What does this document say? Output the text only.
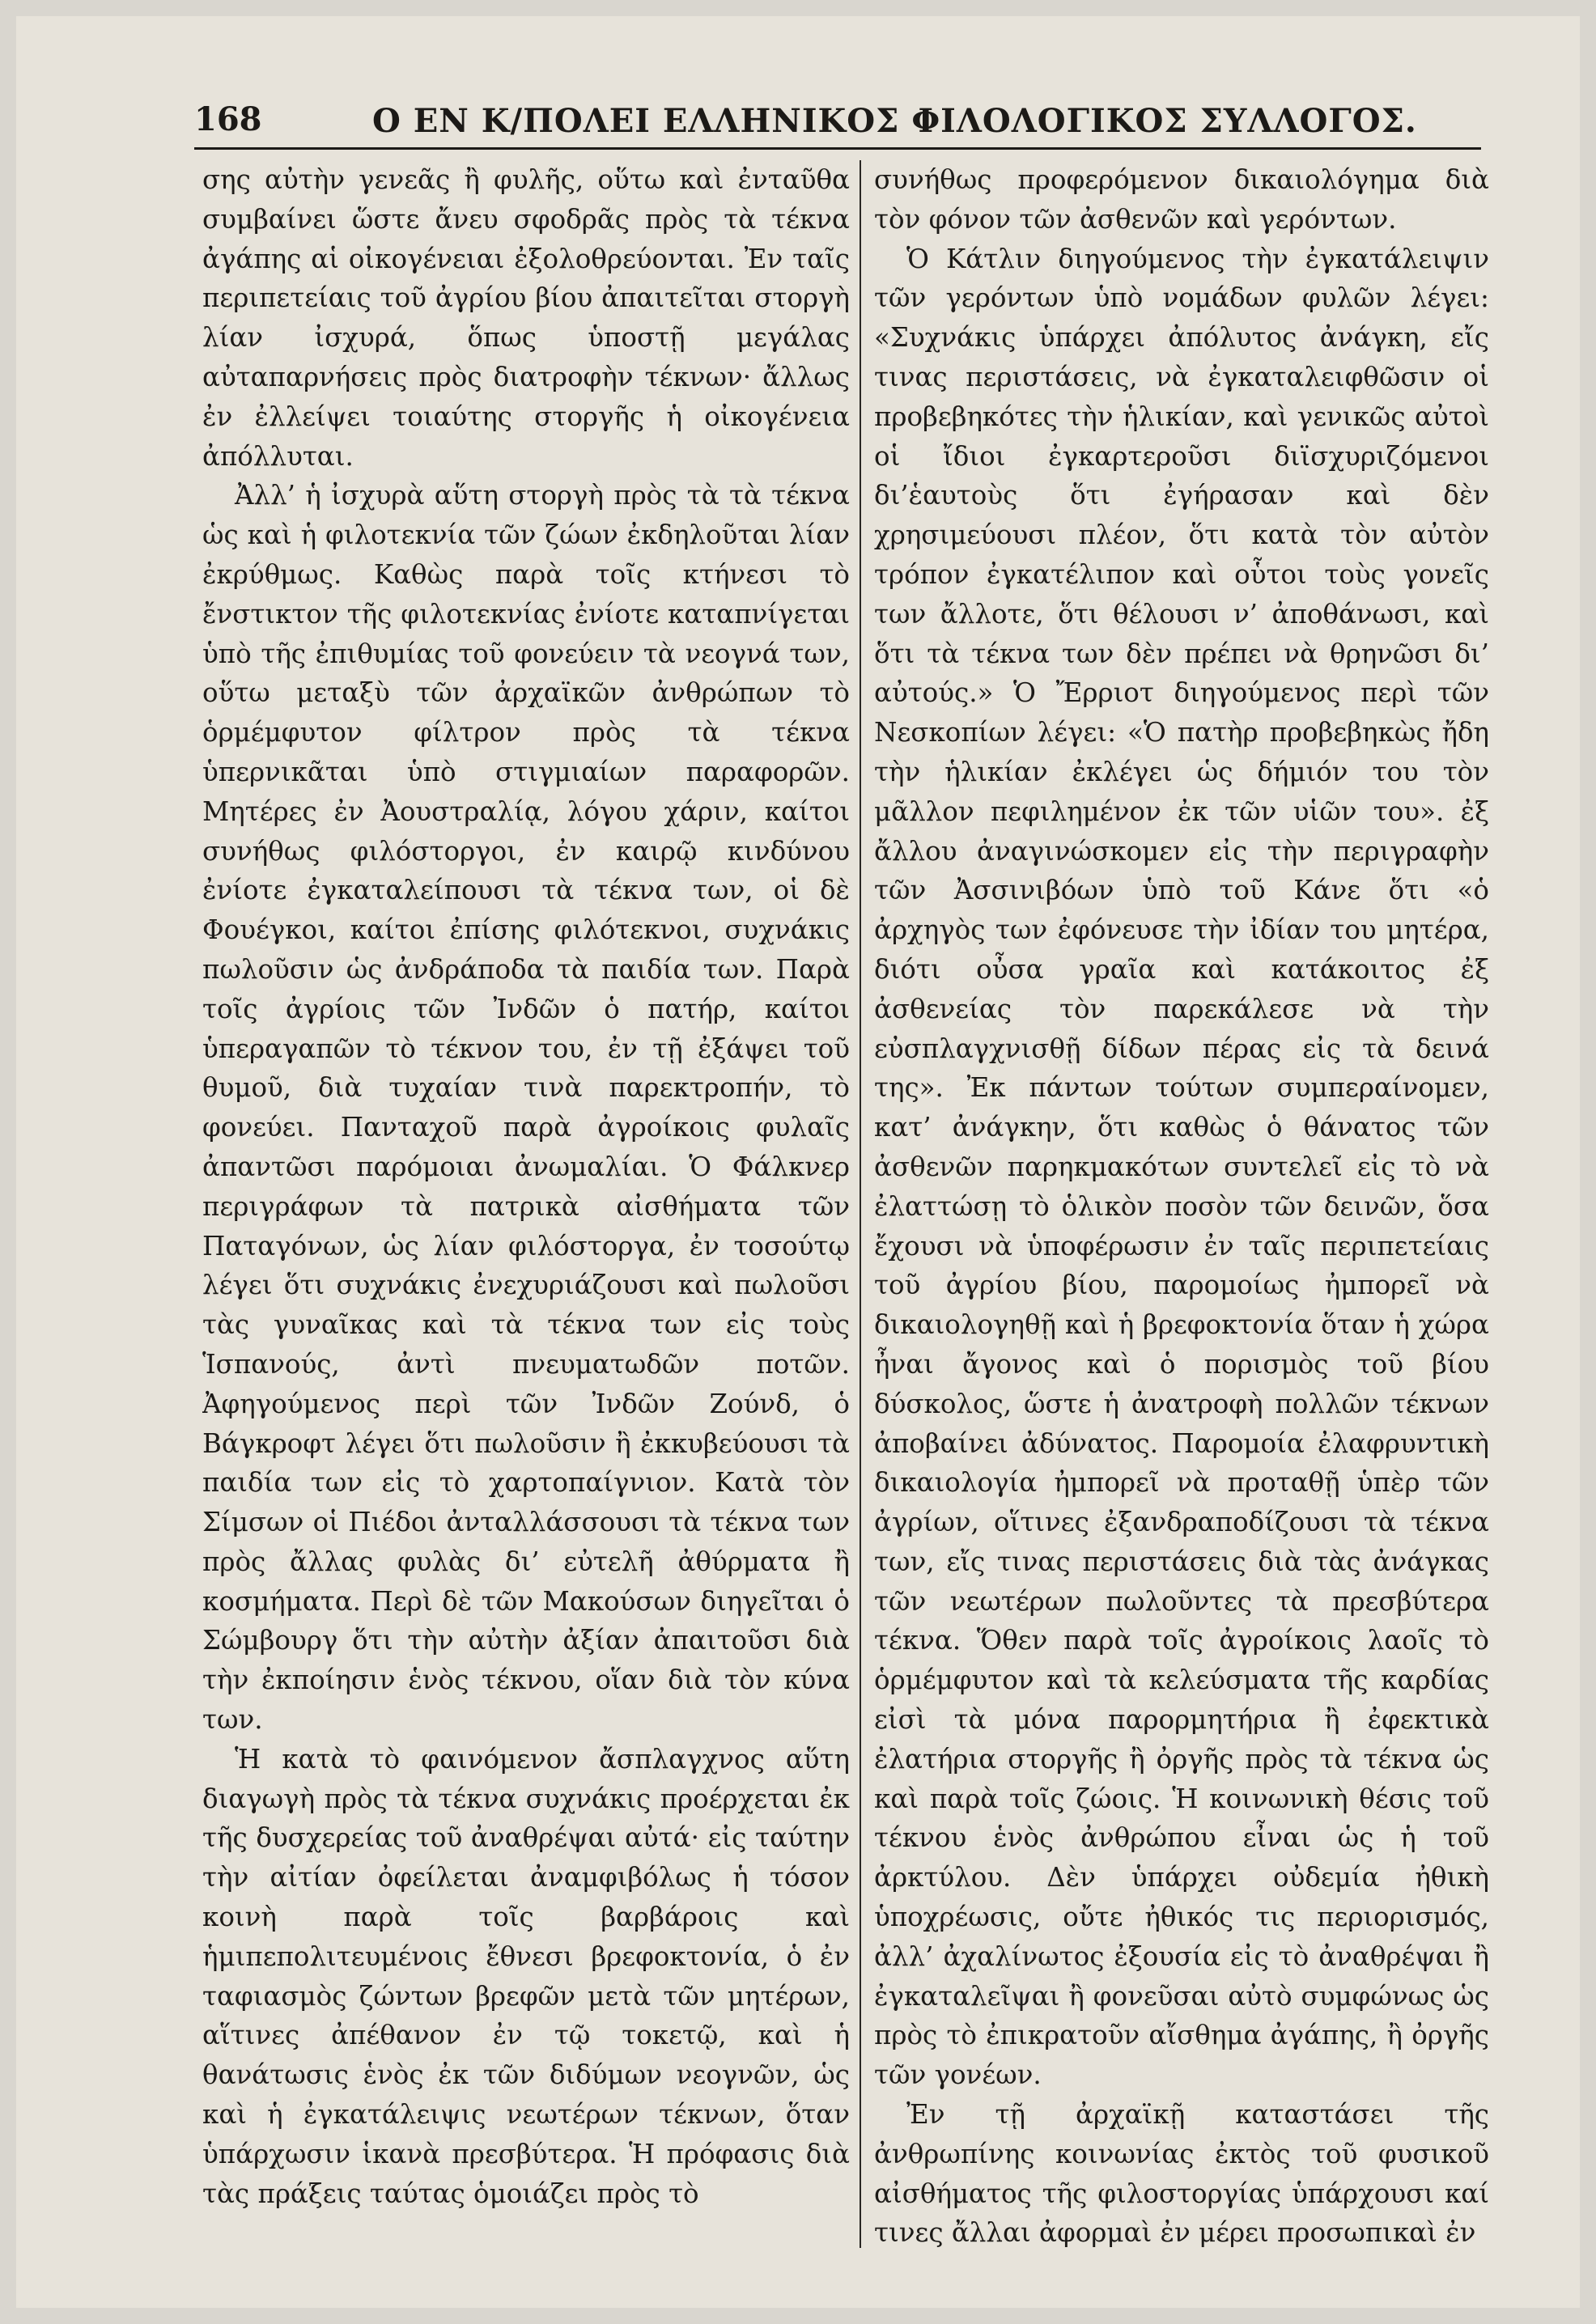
168	Ο ΕΝ Κ/ΠΟΛΕΙ ΕΛΛΗΝΙΚΟΣ ΦΙΛΟΛΟΓΙΚΟΣ ΣΥΛΛΟΓΟΣ.

σης αὐτὴν γενεᾶς ἢ φυλῆς, οὕτω καὶ ἐνταῦθα συμβαίνει ὥστε ἄνευ σφοδρᾶς πρὸς τὰ τέκνα ἀγάπης αἱ οἰκογένειαι ἐξολοθρεύονται. Ἐν ταῖς περιπετείαις τοῦ ἀγρίου βίου ἀπαιτεῖται στοργὴ λίαν ἰσχυρά, ὅπως ὑποστῇ μεγάλας αὐταπαρνήσεις πρὸς διατροφὴν τέκνων· ἄλλως ἐν ἐλλείψει τοιαύτης στοργῆς ἡ οἰκογένεια ἀπόλλυται.

Ἀλλ’ ἡ ἰσχυρὰ αὕτη στοργὴ πρὸς τὰ τὰ τέκνα ὡς καὶ ἡ φιλοτεκνία τῶν ζώων ἐκδηλοῦται λίαν ἐκρύθμως. Καθὼς παρὰ τοῖς κτήνεσι τὸ ἔνστικτον τῆς φιλοτεκνίας ἐνίοτε καταπνίγεται ὑπὸ τῆς ἐπιθυμίας τοῦ φονεύειν τὰ νεογνά των, οὕτω μεταξὺ τῶν ἀρχαϊκῶν ἀνθρώπων τὸ ὁρμέμφυτον φίλτρον πρὸς τὰ τέκνα ὑπερνικᾶται ὑπὸ στιγμιαίων παραφορῶν. Μητέρες ἐν Ἀουστραλίᾳ, λόγου χάριν, καίτοι συνήθως φιλόστοργοι, ἐν καιρῷ κινδύνου ἐνίοτε ἐγκαταλείπουσι τὰ τέκνα των, οἱ δὲ Φουέγκοι, καίτοι ἐπίσης φιλότεκνοι, συχνάκις πωλοῦσιν ὡς ἀνδράποδα τὰ παιδία των. Παρὰ τοῖς ἀγρίοις τῶν Ἰνδῶν ὁ πατήρ, καίτοι ὑπεραγαπῶν τὸ τέκνον του, ἐν τῇ ἐξάψει τοῦ θυμοῦ, διὰ τυχαίαν τινὰ παρεκτροπήν, τὸ φονεύει. Πανταχοῦ παρὰ ἀγροίκοις φυλαῖς ἀπαντῶσι παρόμοιαι ἀνωμαλίαι. Ὁ Φάλκνερ περιγράφων τὰ πατρικὰ αἰσθήματα τῶν Παταγόνων, ὡς λίαν φιλόστοργα, ἐν τοσούτῳ λέγει ὅτι συχνάκις ἐνεχυριάζουσι καὶ πωλοῦσι τὰς γυναῖκας καὶ τὰ τέκνα των εἰς τοὺς Ἱσπανούς, ἀντὶ πνευματωδῶν ποτῶν. Ἀφηγούμενος περὶ τῶν Ἰνδῶν Ζούνδ, ὁ Βάγκροφτ λέγει ὅτι πωλοῦσιν ἢ ἐκκυβεύουσι τὰ παιδία των εἰς τὸ χαρτοπαίγνιον. Κατὰ τὸν Σίμσων οἱ Πιέδοι ἀνταλλάσσουσι τὰ τέκνα των πρὸς ἄλλας φυλὰς δι’ εὐτελῆ ἀθύρματα ἢ κοσμήματα. Περὶ δὲ τῶν Μακούσων διηγεῖται ὁ Σώμβουργ ὅτι τὴν αὐτὴν ἀξίαν ἀπαιτοῦσι διὰ τὴν ἐκποίησιν ἑνὸς τέκνου, οἵαν διὰ τὸν κύνα των.

Ἡ κατὰ τὸ φαινόμενον ἄσπλαγχνος αὕτη διαγωγὴ πρὸς τὰ τέκνα συχνάκις προέρχεται ἐκ τῆς δυσχερείας τοῦ ἀναθρέψαι αὐτά· εἰς ταύτην τὴν αἰτίαν ὀφείλεται ἀναμφιβόλως ἡ τόσον κοινὴ παρὰ τοῖς βαρβάροις καὶ ἡμιπεπολιτευμένοις ἔθνεσι βρεφοκτονία, ὁ ἐν ταφιασμὸς ζώντων βρεφῶν μετὰ τῶν μητέρων, αἵτινες ἀπέθανον ἐν τῷ τοκετῷ, καὶ ἡ θανάτωσις ἑνὸς ἐκ τῶν διδύμων νεογνῶν, ὡς καὶ ἡ ἐγκατάλειψις νεωτέρων τέκνων, ὅταν ὑπάρχωσιν ἱκανὰ πρεσβύτερα. Ἡ πρόφασις διὰ τὰς πράξεις ταύτας ὁμοιάζει πρὸς τὸ

συνήθως προφερόμενον δικαιολόγημα διὰ τὸν φόνον τῶν ἀσθενῶν καὶ γερόντων.

Ὁ Κάτλιν διηγούμενος τὴν ἐγκατάλειψιν τῶν γερόντων ὑπὸ νομάδων φυλῶν λέγει: «Συχνάκις ὑπάρχει ἀπόλυτος ἀνάγκη, εἴς τινας περιστάσεις, νὰ ἐγκαταλειφθῶσιν οἱ προβεβηκότες τὴν ἡλικίαν, καὶ γενικῶς αὐτοὶ οἱ ἴδιοι ἐγκαρτεροῦσι διϊσχυριζόμενοι δι’ἑαυτοὺς ὅτι ἐγήρασαν καὶ δὲν χρησιμεύουσι πλέον, ὅτι κατὰ τὸν αὐτὸν τρόπον ἐγκατέλιπον καὶ οὗτοι τοὺς γονεῖς των ἄλλοτε, ὅτι θέλουσι ν’ ἀποθάνωσι, καὶ ὅτι τὰ τέκνα των δὲν πρέπει νὰ θρηνῶσι δι’ αὐτούς.» Ὁ Ἔρριοτ διηγούμενος περὶ τῶν Νεσκοπίων λέγει: «Ὁ πατὴρ προβεβηκὼς ἤδη τὴν ἡλικίαν ἐκλέγει ὡς δήμιόν του τὸν μᾶλλον πεφιλημένον ἐκ τῶν υἱῶν του». ἐξ ἄλλου ἀναγινώσκομεν εἰς τὴν περιγραφὴν τῶν Ἀσσινιβόων ὑπὸ τοῦ Κάνε ὅτι «ὁ ἀρχηγὸς των ἐφόνευσε τὴν ἰδίαν του μητέρα, διότι οὖσα γραῖα καὶ κατάκοιτος ἐξ ἀσθενείας τὸν παρεκάλεσε νὰ τὴν εὐσπλαγχνισθῇ δίδων πέρας εἰς τὰ δεινά της». Ἐκ πάντων τούτων συμπεραίνομεν, κατ’ ἀνάγκην, ὅτι καθὼς ὁ θάνατος τῶν ἀσθενῶν παρηκμακότων συντελεῖ εἰς τὸ νὰ ἐλαττώσῃ τὸ ὁλικὸν ποσὸν τῶν δεινῶν, ὅσα ἔχουσι νὰ ὑποφέρωσιν ἐν ταῖς περιπετείαις τοῦ ἀγρίου βίου, παρομοίως ἠμπορεῖ νὰ δικαιολογηθῇ καὶ ἡ βρεφοκτονία ὅταν ἡ χώρα ἦναι ἄγονος καὶ ὁ πορισμὸς τοῦ βίου δύσκολος, ὥστε ἡ ἀνατροφὴ πολλῶν τέκνων ἀποβαίνει ἀδύνατος. Παρομοία ἐλαφρυντικὴ δικαιολογία ἠμπορεῖ νὰ προταθῇ ὑπὲρ τῶν ἀγρίων, οἵτινες ἐξανδραποδίζουσι τὰ τέκνα των, εἴς τινας περιστάσεις διὰ τὰς ἀνάγκας τῶν νεωτέρων πωλοῦντες τὰ πρεσβύτερα τέκνα. Ὅθεν παρὰ τοῖς ἀγροίκοις λαοῖς τὸ ὁρμέμφυτον καὶ τὰ κελεύσματα τῆς καρδίας εἰσὶ τὰ μόνα παρορμητήρια ἢ ἐφεκτικὰ ἐλατήρια στοργῆς ἢ ὀργῆς πρὸς τὰ τέκνα ὡς καὶ παρὰ τοῖς ζώοις. Ἡ κοινωνικὴ θέσις τοῦ τέκνου ἑνὸς ἀνθρώπου εἶναι ὡς ἡ τοῦ ἀρκτύλου. Δὲν ὑπάρχει οὐδεμία ἠθικὴ ὑποχρέωσις, οὔτε ἠθικός τις περιορισμός, ἀλλ’ ἀχαλίνωτος ἐξουσία εἰς τὸ ἀναθρέψαι ἢ ἐγκαταλεῖψαι ἢ φονεῦσαι αὐτὸ συμφώνως ὡς πρὸς τὸ ἐπικρατοῦν αἴσθημα ἀγάπης, ἢ ὀργῆς τῶν γονέων.

Ἐν τῇ ἀρχαϊκῇ καταστάσει τῆς ἀνθρωπίνης κοινωνίας ἐκτὸς τοῦ φυσικοῦ αἰσθήματος τῆς φιλοστοργίας ὑπάρχουσι καί τινες ἄλλαι ἀφορμαὶ ἐν μέρει προσωπικαὶ ἐν
